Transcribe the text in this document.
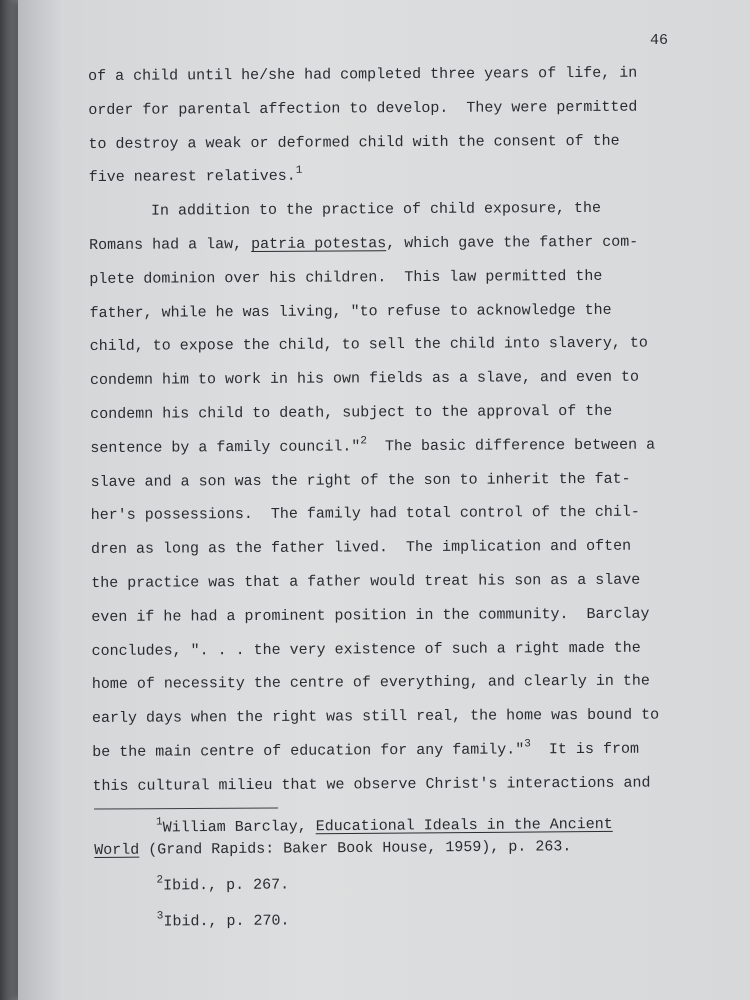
46
of a child until he/she had completed three years of life, in
order for parental affection to develop.  They were permitted
to destroy a weak or deformed child with the consent of the
five nearest relatives.$^1$
In addition to the practice of child exposure, the
Romans had a law, patria potestas, which gave the father com-
plete dominion over his children.  This law permitted the
father, while he was living, "to refuse to acknowledge the
child, to expose the child, to sell the child into slavery, to
condemn him to work in his own fields as a slave, and even to
condemn his child to death, subject to the approval of the
sentence by a family council."$^2$  The basic difference between a
slave and a son was the right of the son to inherit the fat-
her's possessions.  The family had total control of the chil-
dren as long as the father lived.  The implication and often
the practice was that a father would treat his son as a slave
even if he had a prominent position in the community.  Barclay
concludes, ". . . the very existence of such a right made the
home of necessity the centre of everything, and clearly in the
early days when the right was still real, the home was bound to
be the main centre of education for any family."$^3$  It is from
this cultural milieu that we observe Christ's interactions and
$^1$William Barclay, Educational Ideals in the Ancient
World (Grand Rapids: Baker Book House, 1959), p. 263.
$^2$Ibid., p. 267.
$^3$Ibid., p. 270.
